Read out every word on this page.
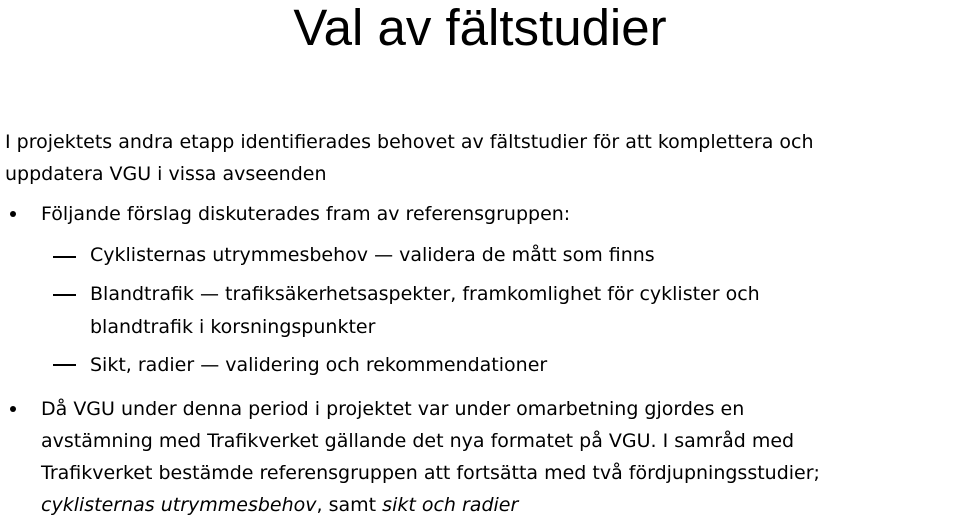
Val av fältstudier
I projektets andra etapp identifierades behovet av fältstudier för att komplettera och
uppdatera VGU i vissa avseenden
Följande förslag diskuterades fram av referensgruppen:
Cyklisternas utrymmesbehov — validera de mått som finns
Blandtrafik — trafiksäkerhetsaspekter, framkomlighet för cyklister och
blandtrafik i korsningspunkter
Sikt, radier — validering och rekommendationer
Då VGU under denna period i projektet var under omarbetning gjordes en
avstämning med Trafikverket gällande det nya formatet på VGU. I samråd med
Trafikverket bestämde referensgruppen att fortsätta med två fördjupningsstudier;
cyklisternas utrymmesbehov, samt sikt och radier
